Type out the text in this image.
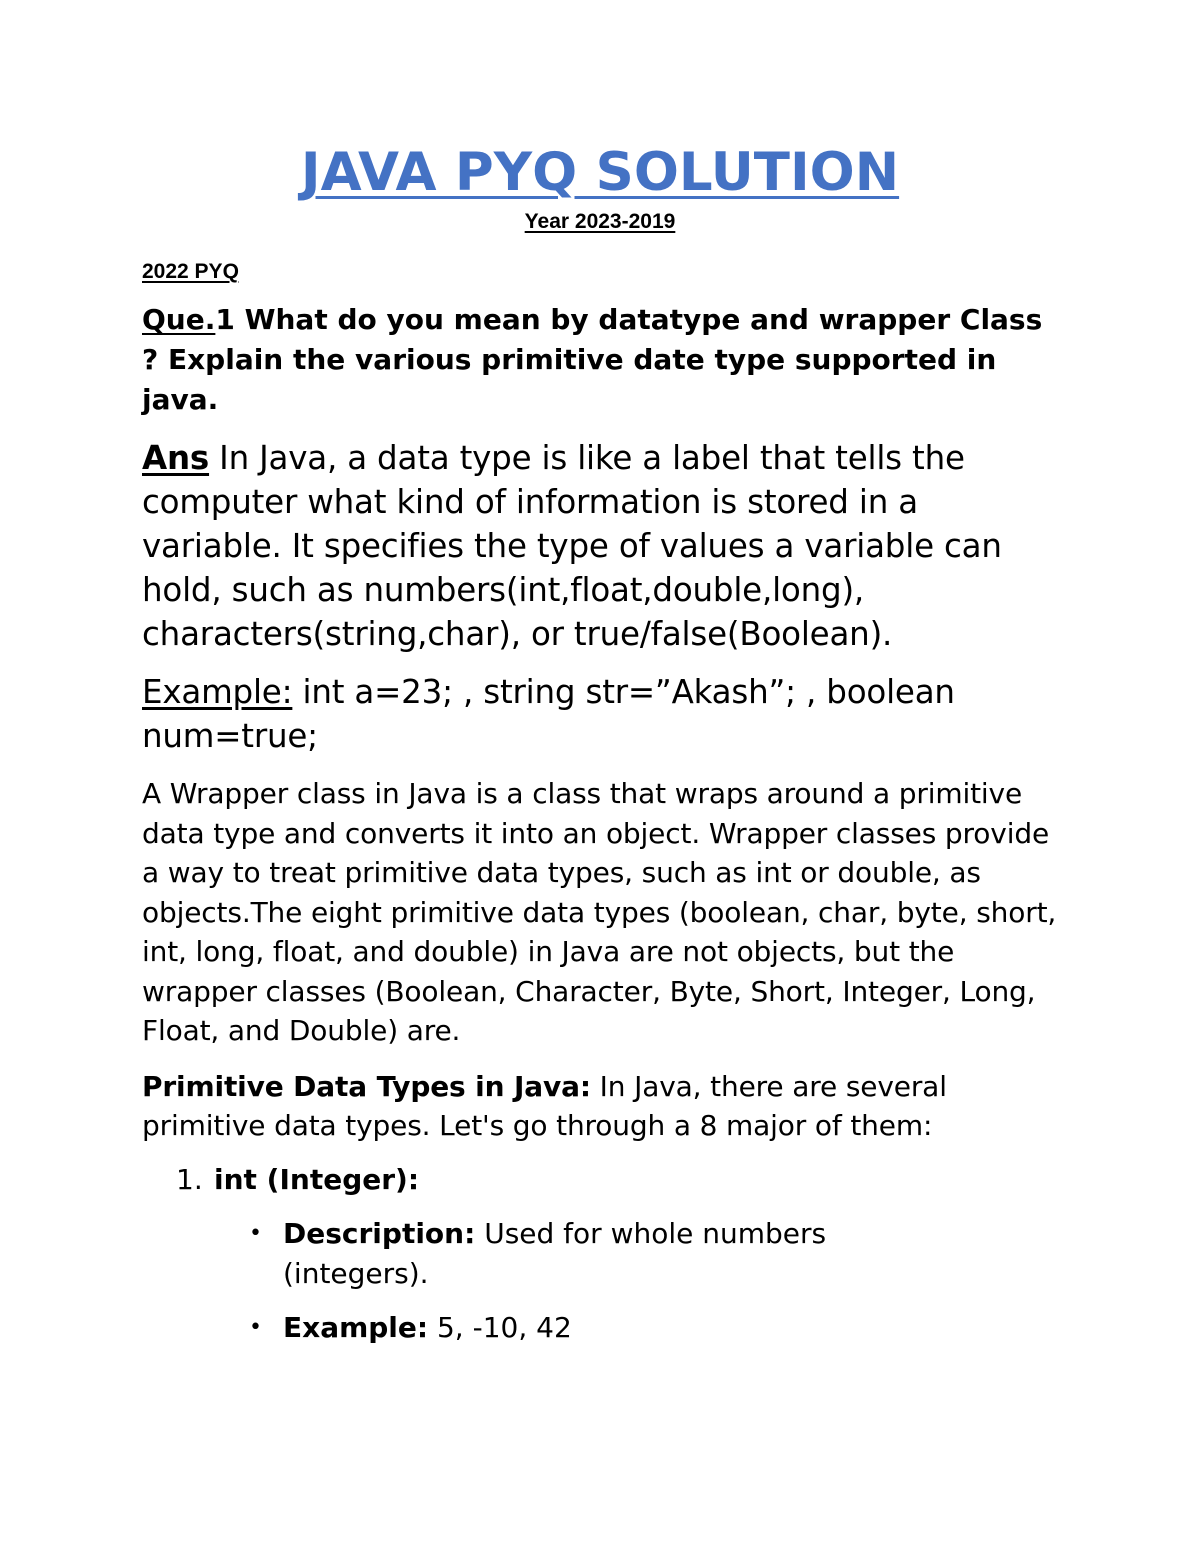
JAVA PYQ SOLUTION
Year 2023-2019
2022 PYQ

Que.1 What do you mean by datatype and wrapper Class ? Explain the various primitive date type supported in java.

Ans In Java, a data type is like a label that tells the computer what kind of information is stored in a variable. It specifies the type of values a variable can hold, such as numbers(int,float,double,long), characters(string,char), or true/false(Boolean).

Example: int a=23; , string str=”Akash”; , boolean num=true;

A Wrapper class in Java is a class that wraps around a primitive data type and converts it into an object. Wrapper classes provide a way to treat primitive data types, such as int or double, as objects.The eight primitive data types (boolean, char, byte, short, int, long, float, and double) in Java are not objects, but the wrapper classes (Boolean, Character, Byte, Short, Integer, Long, Float, and Double) are.

Primitive Data Types in Java: In Java, there are several primitive data types. Let's go through a 8 major of them:

1. int (Integer):
• Description: Used for whole numbers (integers).
• Example: 5, -10, 42
